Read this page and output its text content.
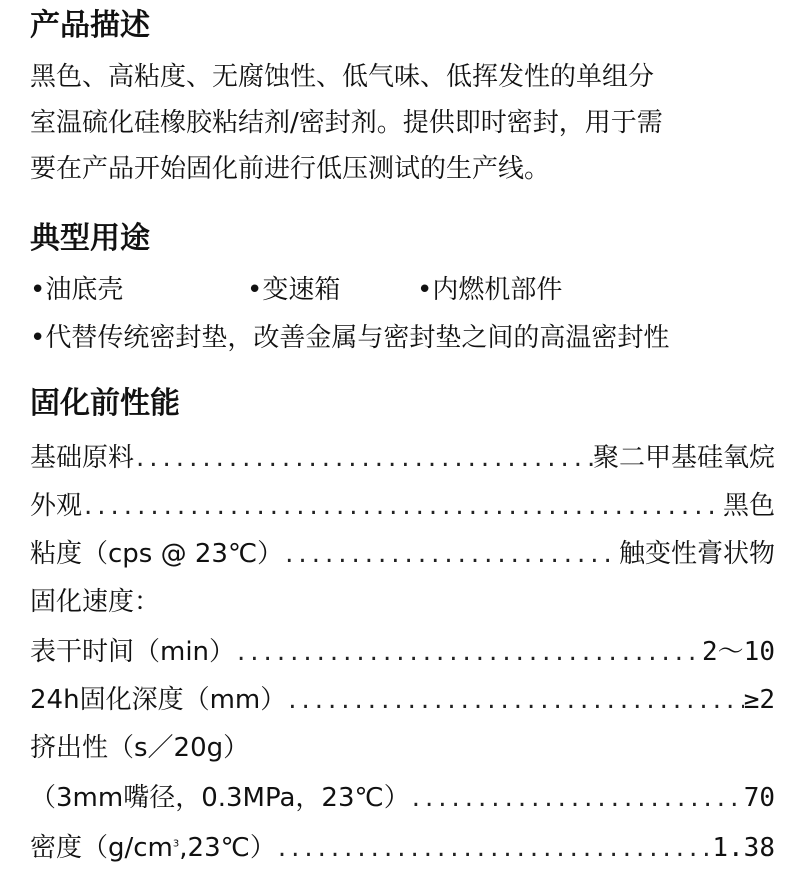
产品描述
黑色、高粘度、无腐蚀性、低气味、低挥发性的单组分
室温硫化硅橡胶粘结剂/密封剂。提供即时密封，用于需
要在产品开始固化前进行低压测试的生产线。
典型用途
•油底壳	•变速箱	•内燃机部件
•代替传统密封垫，改善金属与密封垫之间的高温密封性
固化前性能
基础原料 .....	聚二甲基硅氧烷
外观 .....	黑色
粘度（cps @ 23℃） .....	触变性膏状物
固化速度：
表干时间（min） .....	2～10
24h固化深度（mm） .....	≥2
挤出性（s／20g）
（3mm嘴径，0.3MPa，23℃） .....	70
密度$(g/cm^3,23℃)$ .....	1.38
